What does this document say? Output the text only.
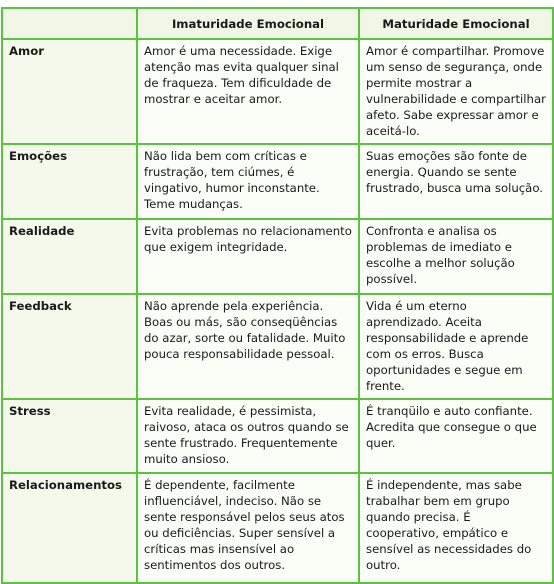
	Imaturidade Emocional	Maturidade Emocional
Amor	Amor é uma necessidade. Exige atenção mas evita qualquer sinal de fraqueza. Tem dificuldade de mostrar e aceitar amor.	Amor é compartilhar. Promove um senso de segurança, onde permite mostrar a vulnerabilidade e compartilhar afeto. Sabe expressar amor e aceitá-lo.
Emoções	Não lida bem com críticas e frustração, tem ciúmes, é vingativo, humor inconstante. Teme mudanças.	Suas emoções são fonte de energia. Quando se sente frustrado, busca uma solução.
Realidade	Evita problemas no relacionamento que exigem integridade.	Confronta e analisa os problemas de imediato e escolhe a melhor solução possível.
Feedback	Não aprende pela experiência. Boas ou más, são conseqüências do azar, sorte ou fatalidade. Muito pouca responsabilidade pessoal.	Vida é um eterno aprendizado. Aceita responsabilidade e aprende com os erros. Busca oportunidades e segue em frente.
Stress	Evita realidade, é pessimista, raivoso, ataca os outros quando se sente frustrado. Frequentemente muito ansioso.	É tranqüilo e auto confiante. Acredita que consegue o que quer.
Relacionamentos	É dependente, facilmente influenciável, indeciso. Não se sente responsável pelos seus atos ou deficiências. Super sensível a críticas mas insensível ao sentimentos dos outros.	É independente, mas sabe trabalhar bem em grupo quando precisa. É cooperativo, empático e sensível as necessidades do outro.
